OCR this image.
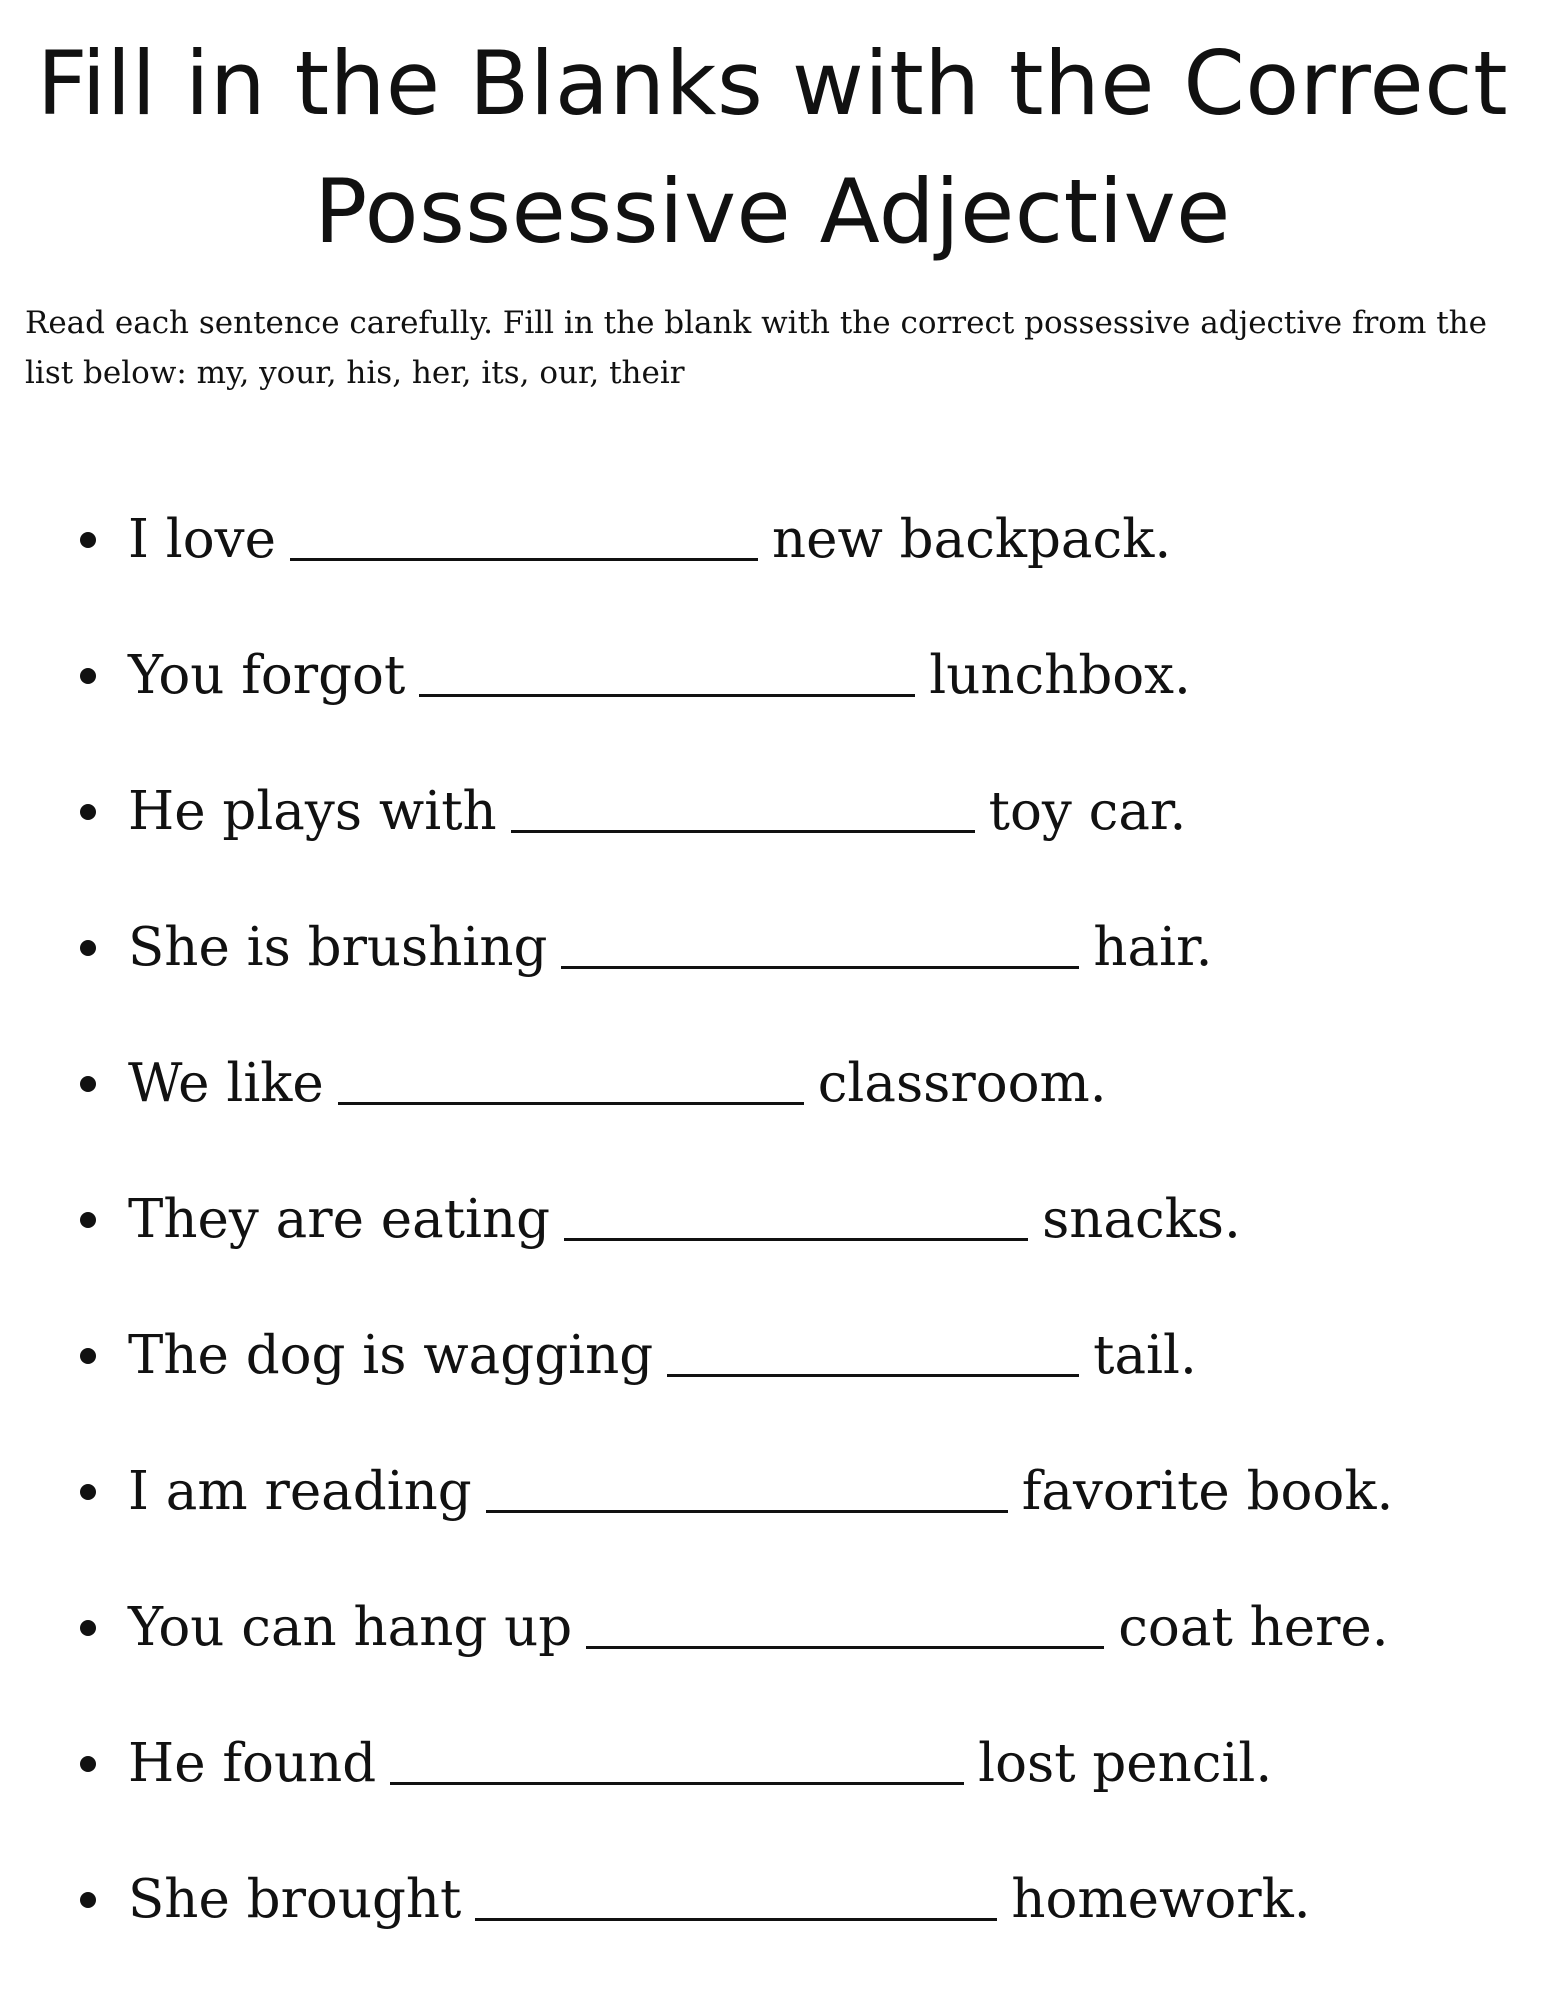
Fill in the Blanks with the Correct
Possessive Adjective

Read each sentence carefully. Fill in the blank with the correct possessive adjective from the list below: my, your, his, her, its, our, their

I love	new backpack.
You forgot	lunchbox.
He plays with	toy car.
She is brushing	hair.
We like	classroom.
They are eating	snacks.
The dog is wagging	tail.
I am reading	favorite book.
You can hang up	coat here.
He found	lost pencil.
She brought	homework.
